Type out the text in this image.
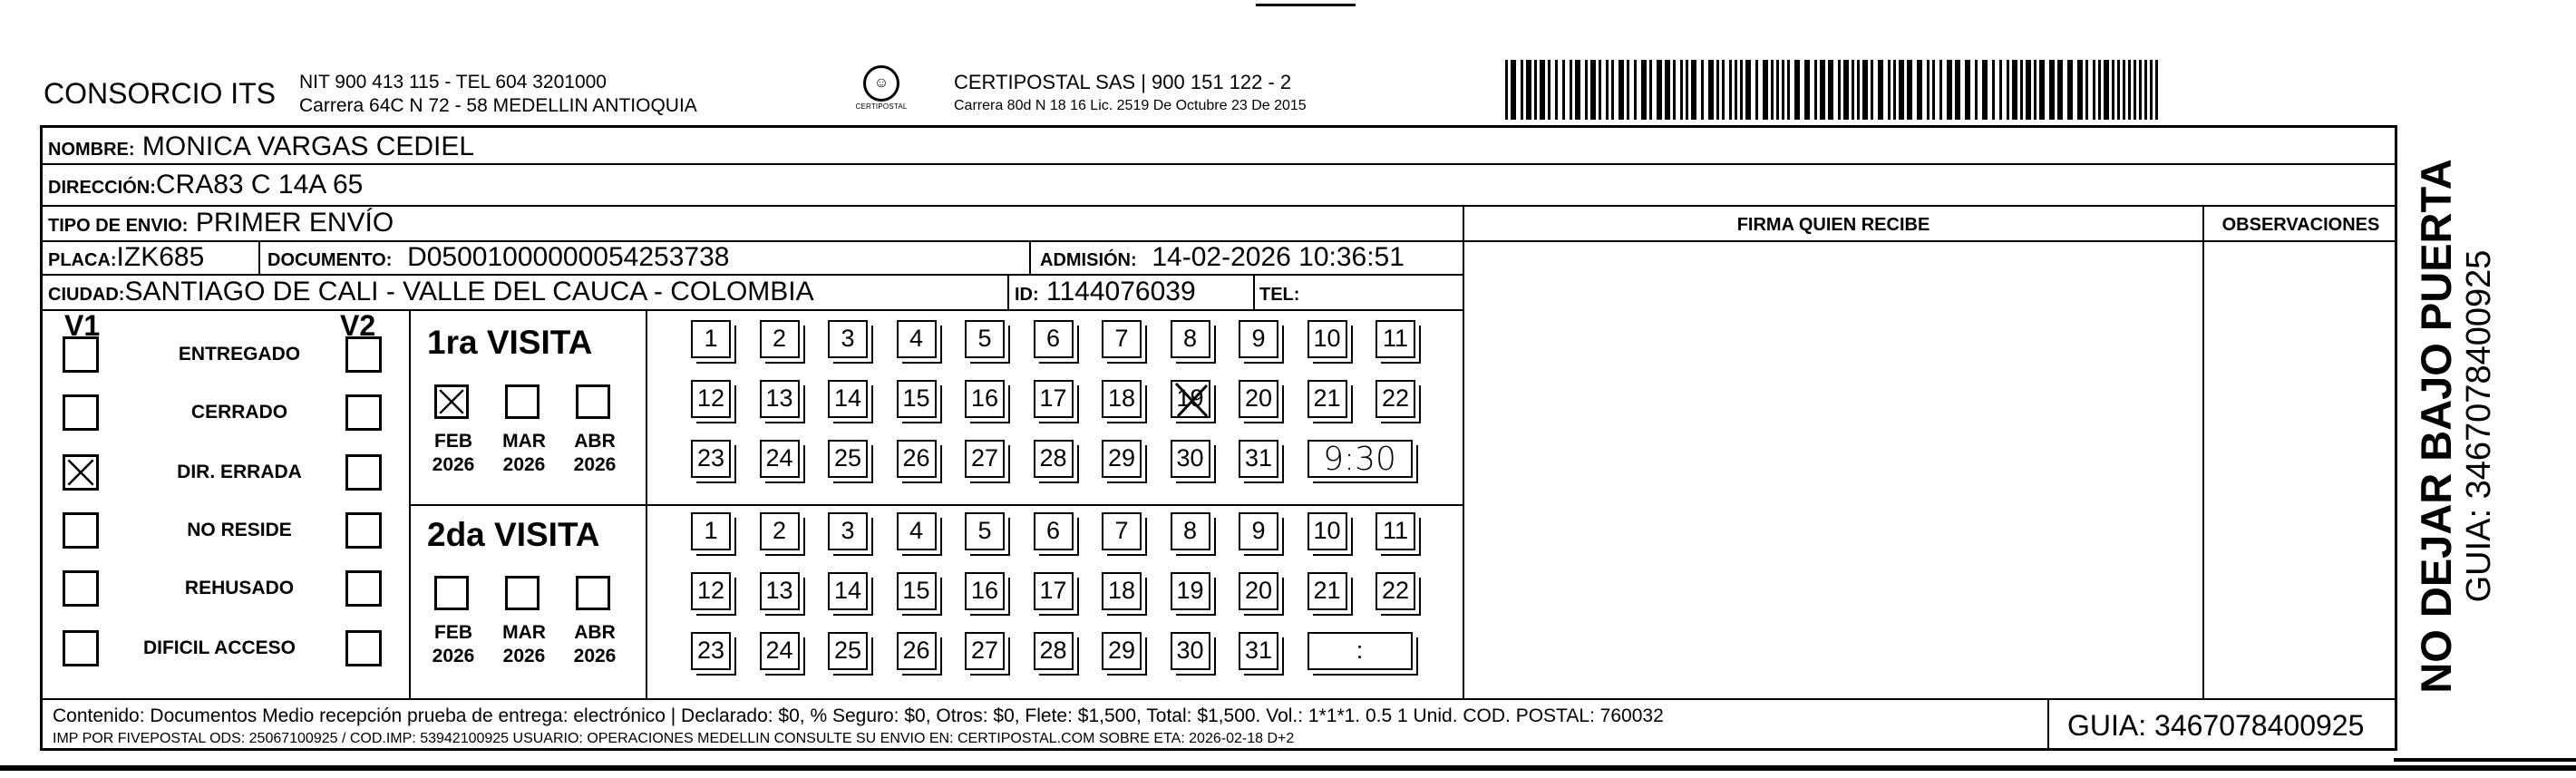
CONSORCIO ITS NIT 900 413 115 - TEL 604 3201000
Carrera 64C N 72 - 58 MEDELLIN ANTIOQUIA
☺
CERTIPOSTAL
CERTIPOSTAL SAS | 900 151 122 - 2
Carrera 80d N 18 16 Lic. 2519 De Octubre 23 De 2015
NOMBRE: MONICA VARGAS CEDIEL
DIRECCIÓN:CRA83 C 14A 65
TIPO DE ENVIO: PRIMER ENVÍO	FIRMA QUIEN RECIBE	OBSERVACIONES
PLACA:IZK685	DOCUMENTO: D05001000000054253738	ADMISIÓN: 14-02-2026 10:36:51
CIUDAD:SANTIAGO DE CALI - VALLE DEL CAUCA - COLOMBIA	ID: 1144076039	TEL:
V1	V2
ENTREGADO
CERRADO
DIR. ERRADA
NO RESIDE
REHUSADO
DIFICIL ACCESO
1ra VISITA
FEB
2026
MAR
2026
ABR
2026
1	2	3	4	5	6	7	8	9	10 11
12 13 14 15 16 17 18 19 20 21 22
23 24 25 26 27 28 29 30 31	9:30
2da VISITA
FEB
2026
MAR
2026
ABR
2026
1	2	3	4	5	6	7	8	9	10 11
12 13 14 15 16 17 18 19 20 21 22
23 24 25 26 27 28 29 30 31	:
Contenido: Documentos Medio recepción prueba de entrega: electrónico | Declarado: $0, % Seguro: $0, Otros: $0, Flete: $1,500, Total: $1,500. Vol.: 1*1*1. 0.5 1 Unid. COD. POSTAL: 760032
IMP POR FIVEPOSTAL ODS: 25067100925 / COD.IMP: 53942100925 USUARIO: OPERACIONES MEDELLIN CONSULTE SU ENVIO EN: CERTIPOSTAL.COM SOBRE ETA: 2026-02-18 D+2	GUIA: 3467078400925
NO DEJAR BAJO PUERTA GUIA: 3467078400925
